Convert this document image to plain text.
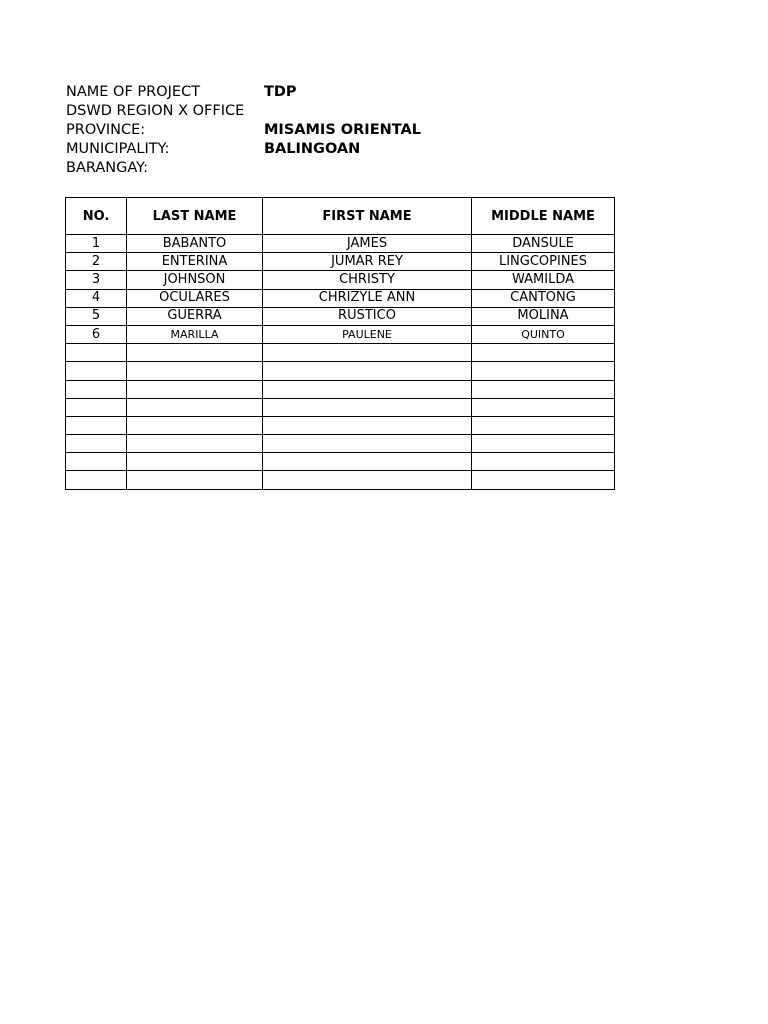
NAME OF PROJECT	TDP
DSWD REGION X OFFICE
PROVINCE:	MISAMIS ORIENTAL
MUNICIPALITY:	BALINGOAN
BARANGAY:
NO.	LAST NAME	FIRST NAME	MIDDLE NAME
1	BABANTO	JAMES	DANSULE
2	ENTERINA	JUMAR REY	LINGCOPINES
3	JOHNSON	CHRISTY	WAMILDA
4	OCULARES	CHRIZYLE ANN	CANTONG
5	GUERRA	RUSTICO	MOLINA
6	MARILLA	PAULENE	QUINTO
